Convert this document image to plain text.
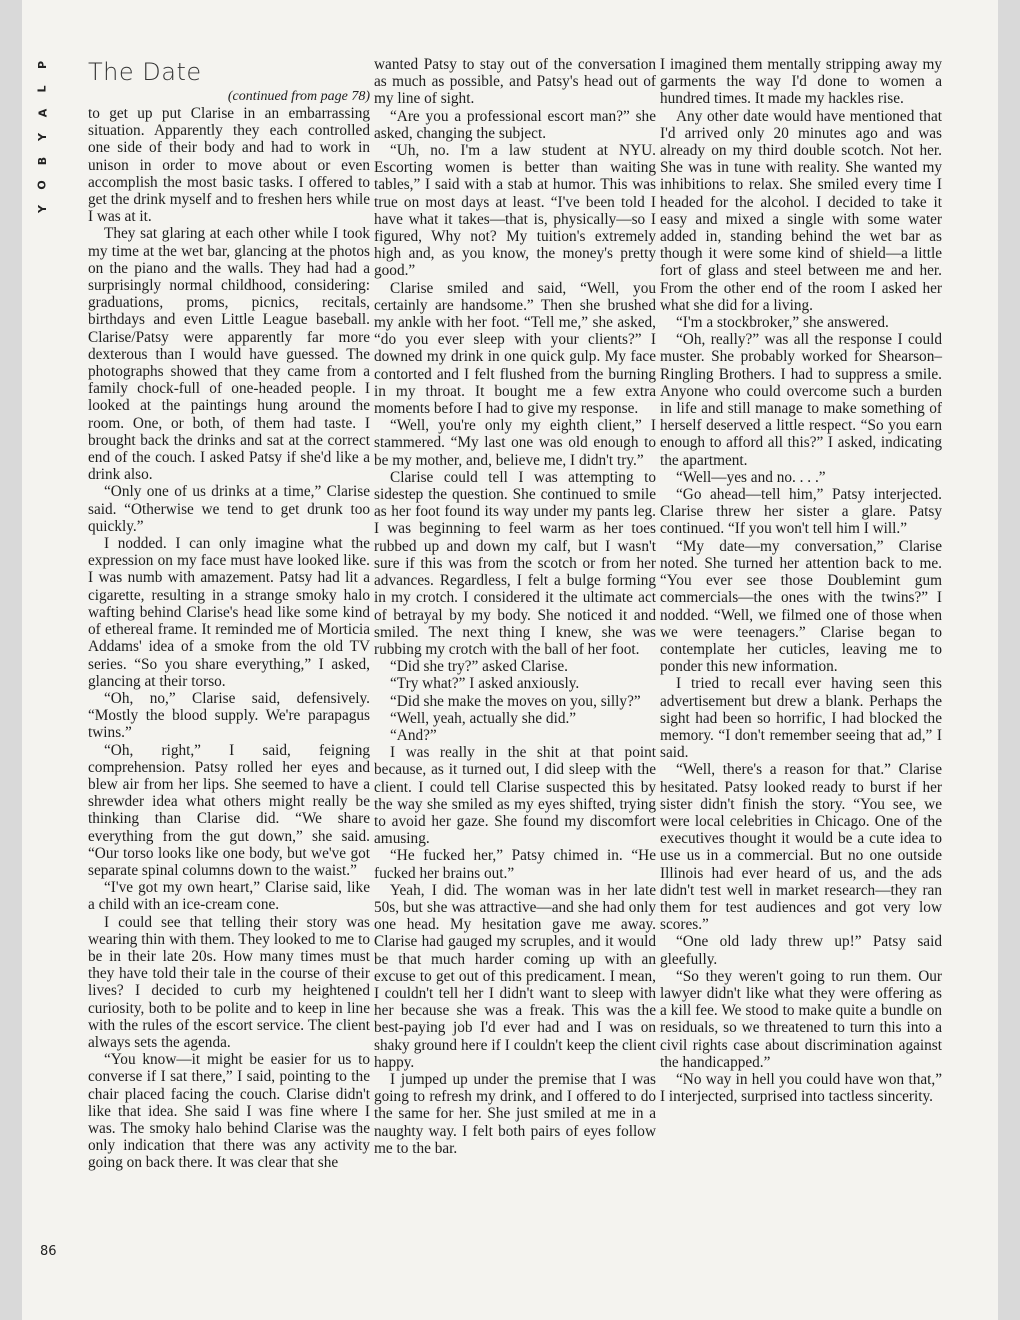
P
L
A
Y
B
O
Y
The Date
(continued from page 78)

to get up put Clarise in an embarrassing situation. Apparently they each controlled one side of their body and had to work in unison in order to move about or even accomplish the most basic tasks. I offered to get the drink myself and to freshen hers while I was at it.

They sat glaring at each other while I took my time at the wet bar, glancing at the photos on the piano and the walls. They had had a surprisingly normal childhood, considering: graduations, proms, picnics, recitals, birthdays and even Little League baseball. Clarise/Patsy were apparently far more dexterous than I would have guessed. The photographs showed that they came from a family chock-full of one-headed people. I looked at the paintings hung around the room. One, or both, of them had taste. I brought back the drinks and sat at the correct end of the couch. I asked Patsy if she'd like a drink also.

“Only one of us drinks at a time,” Clarise said. “Otherwise we tend to get drunk too quickly.”

I nodded. I can only imagine what the expression on my face must have looked like. I was numb with amazement. Patsy had lit a cigarette, resulting in a strange smoky halo wafting behind Clarise's head like some kind of ethereal frame. It reminded me of Morticia Addams' idea of a smoke from the old TV series. “So you share everything,” I asked, glancing at their torso.

“Oh, no,” Clarise said, defensively. “Mostly the blood supply. We're parapagus twins.”

“Oh, right,” I said, feigning comprehension. Patsy rolled her eyes and blew air from her lips. She seemed to have a shrewder idea what others might really be thinking than Clarise did. “We share everything from the gut down,” she said. “Our torso looks like one body, but we've got separate spinal columns down to the waist.”

“I've got my own heart,” Clarise said, like a child with an ice-cream cone.

I could see that telling their story was wearing thin with them. They looked to me to be in their late 20s. How many times must they have told their tale in the course of their lives? I decided to curb my heightened curiosity, both to be polite and to keep in line with the rules of the escort service. The client always sets the agenda.

“You know—it might be easier for us to converse if I sat there,” I said, pointing to the chair placed facing the couch. Clarise didn't like that idea. She said I was fine where I was. The smoky halo behind Clarise was the only indication that there was any activity going on back there. It was clear that she

wanted Patsy to stay out of the conversation as much as possible, and Patsy's head out of my line of sight.

“Are you a professional escort man?” she asked, changing the subject.

“Uh, no. I'm a law student at NYU. Escorting women is better than waiting tables,” I said with a stab at humor. This was true on most days at least. “I've been told I have what it takes—that is, physically—so I figured, Why not? My tuition's extremely high and, as you know, the money's pretty good.”

Clarise smiled and said, “Well, you certainly are handsome.” Then she brushed my ankle with her foot. “Tell me,” she asked, “do you ever sleep with your clients?” I downed my drink in one quick gulp. My face contorted and I felt flushed from the burning in my throat. It bought me a few extra moments before I had to give my response.

“Well, you're only my eighth client,” I stammered. “My last one was old enough to be my mother, and, believe me, I didn't try.”

Clarise could tell I was attempting to sidestep the question. She continued to smile as her foot found its way under my pants leg. I was beginning to feel warm as her toes rubbed up and down my calf, but I wasn't sure if this was from the scotch or from her advances. Regardless, I felt a bulge forming in my crotch. I considered it the ultimate act of betrayal by my body. She noticed it and smiled. The next thing I knew, she was rubbing my crotch with the ball of her foot.

“Did she try?” asked Clarise.

“Try what?” I asked anxiously.

“Did she make the moves on you, silly?”

“Well, yeah, actually she did.”

“And?”

I was really in the shit at that point because, as it turned out, I did sleep with the client. I could tell Clarise suspected this by the way she smiled as my eyes shifted, trying to avoid her gaze. She found my discomfort amusing.

“He fucked her,” Patsy chimed in. “He fucked her brains out.”

Yeah, I did. The woman was in her late 50s, but she was attractive—and she had only one head. My hesitation gave me away. Clarise had gauged my scruples, and it would be that much harder coming up with an excuse to get out of this predicament. I mean, I couldn't tell her I didn't want to sleep with her because she was a freak. This was the best-paying job I'd ever had and I was on shaky ground here if I couldn't keep the client happy.

I jumped up under the premise that I was going to refresh my drink, and I offered to do the same for her. She just smiled at me in a naughty way. I felt both pairs of eyes follow me to the bar.

I imagined them mentally stripping away my garments the way I'd done to women a hundred times. It made my hackles rise.

Any other date would have mentioned that I'd arrived only 20 minutes ago and was already on my third double scotch. Not her. She was in tune with reality. She wanted my inhibitions to relax. She smiled every time I headed for the alcohol. I decided to take it easy and mixed a single with some water added in, standing behind the wet bar as though it were some kind of shield—a little fort of glass and steel between me and her. From the other end of the room I asked her what she did for a living.

“I'm a stockbroker,” she answered.

“Oh, really?” was all the response I could muster. She probably worked for Shearson–Ringling Brothers. I had to suppress a smile. Anyone who could overcome such a burden in life and still manage to make something of herself deserved a little respect. “So you earn enough to afford all this?” I asked, indicating the apartment.

“Well—yes and no. . . .”

“Go ahead—tell him,” Patsy interjected. Clarise threw her sister a glare. Patsy continued. “If you won't tell him I will.”

“My date—my conversation,” Clarise noted. She turned her attention back to me. “You ever see those Doublemint gum commercials—the ones with the twins?” I nodded. “Well, we filmed one of those when we were teenagers.” Clarise began to contemplate her cuticles, leaving me to ponder this new information.

I tried to recall ever having seen this advertisement but drew a blank. Perhaps the sight had been so horrific, I had blocked the memory. “I don't remember seeing that ad,” I said.

“Well, there's a reason for that.” Clarise hesitated. Patsy looked ready to burst if her sister didn't finish the story. “You see, we were local celebrities in Chicago. One of the executives thought it would be a cute idea to use us in a commercial. But no one outside Illinois had ever heard of us, and the ads didn't test well in market research—they ran them for test audiences and got very low scores.”

“One old lady threw up!” Patsy said gleefully.

“So they weren't going to run them. Our lawyer didn't like what they were offering as a kill fee. We stood to make quite a bundle on residuals, so we threatened to turn this into a civil rights case about discrimination against the handicapped.”

“No way in hell you could have won that,” I interjected, surprised into tactless sincerity.

86
